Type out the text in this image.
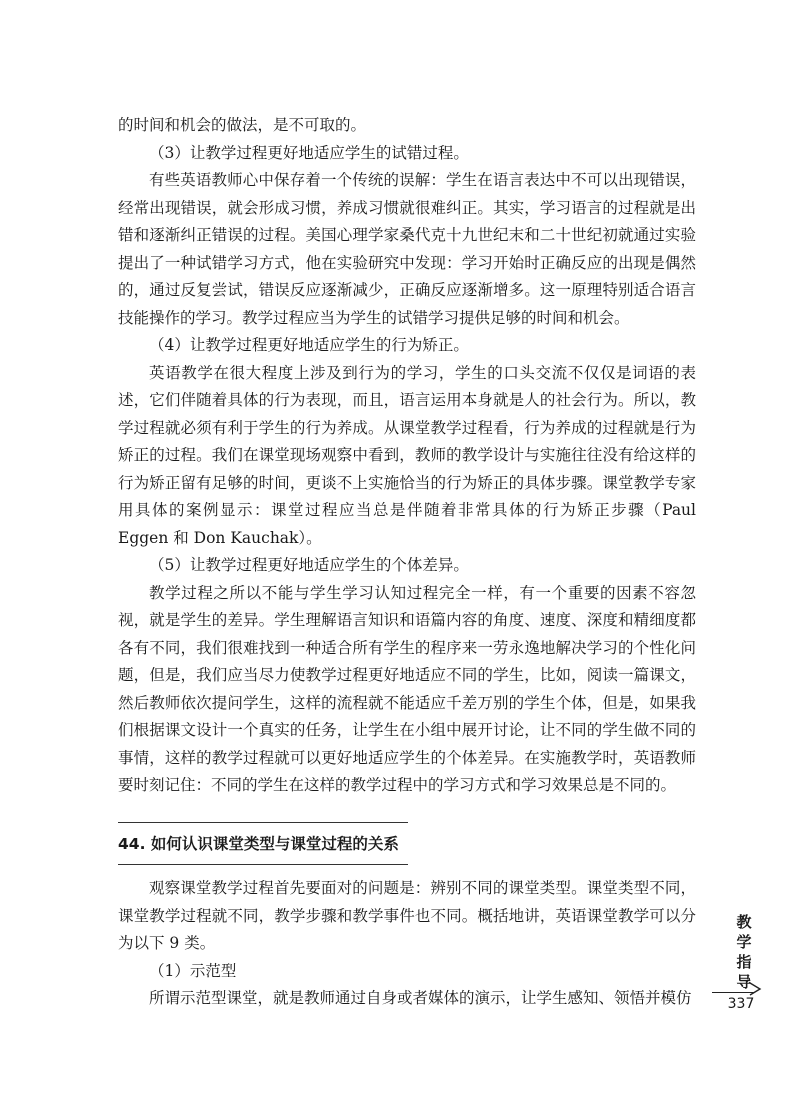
的时间和机会的做法，是不可取的。

（3）让教学过程更好地适应学生的试错过程。

有些英语教师心中保存着一个传统的误解：学生在语言表达中不可以出现错误，经常出现错误，就会形成习惯，养成习惯就很难纠正。其实，学习语言的过程就是出错和逐渐纠正错误的过程。美国心理学家桑代克十九世纪末和二十世纪初就通过实验提出了一种试错学习方式，他在实验研究中发现：学习开始时正确反应的出现是偶然的，通过反复尝试，错误反应逐渐减少，正确反应逐渐增多。这一原理特别适合语言技能操作的学习。教学过程应当为学生的试错学习提供足够的时间和机会。

（4）让教学过程更好地适应学生的行为矫正。

英语教学在很大程度上涉及到行为的学习，学生的口头交流不仅仅是词语的表述，它们伴随着具体的行为表现，而且，语言运用本身就是人的社会行为。所以，教学过程就必须有利于学生的行为养成。从课堂教学过程看，行为养成的过程就是行为矫正的过程。我们在课堂现场观察中看到，教师的教学设计与实施往往没有给这样的行为矫正留有足够的时间，更谈不上实施恰当的行为矫正的具体步骤。课堂教学专家用具体的案例显示：课堂过程应当总是伴随着非常具体的行为矫正步骤（Paul Eggen 和 Don Kauchak）。

（5）让教学过程更好地适应学生的个体差异。

教学过程之所以不能与学生学习认知过程完全一样，有一个重要的因素不容忽视，就是学生的差异。学生理解语言知识和语篇内容的角度、速度、深度和精细度都各有不同，我们很难找到一种适合所有学生的程序来一劳永逸地解决学习的个性化问题，但是，我们应当尽力使教学过程更好地适应不同的学生，比如，阅读一篇课文，然后教师依次提问学生，这样的流程就不能适应千差万别的学生个体，但是，如果我们根据课文设计一个真实的任务，让学生在小组中展开讨论，让不同的学生做不同的事情，这样的教学过程就可以更好地适应学生的个体差异。在实施教学时，英语教师要时刻记住：不同的学生在这样的教学过程中的学习方式和学习效果总是不同的。

44. 如何认识课堂类型与课堂过程的关系

观察课堂教学过程首先要面对的问题是：辨别不同的课堂类型。课堂类型不同，课堂教学过程就不同，教学步骤和教学事件也不同。概括地讲，英语课堂教学可以分为以下 9 类。

（1）示范型

所谓示范型课堂，就是教师通过自身或者媒体的演示，让学生感知、领悟并模仿

教
学
指
导
337
